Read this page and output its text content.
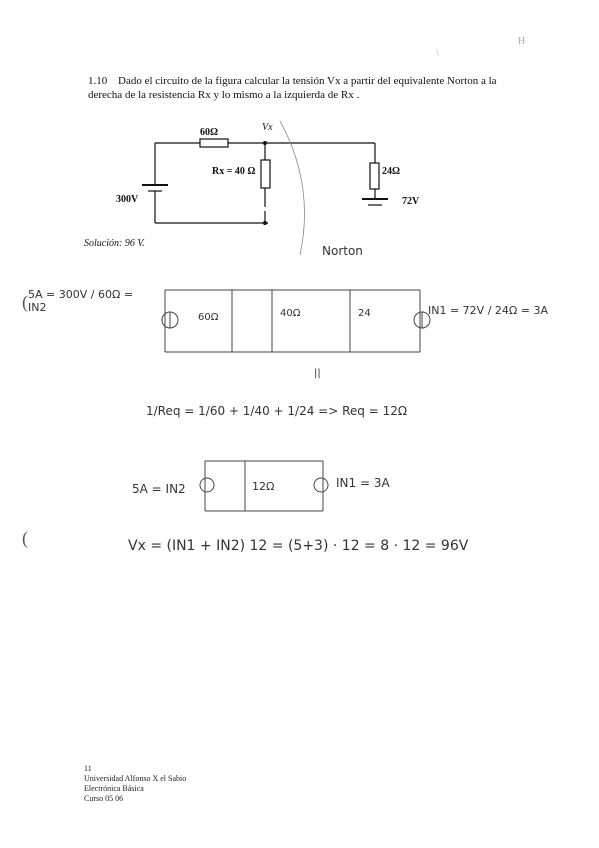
H
\
1.10 Dado el circuito de la figura calcular la tensión Vx a partir del equivalente Norton a la
derecha de la resistencia Rx y lo mismo a la izquierda de Rx .
60Ω	Vx
Rx = 40 Ω	24Ω
300V	72V
Solución: 96 V.
Norton
5A = 300V / 60Ω = IN2
60Ω	40Ω	24	IN1 = 72V / 24Ω = 3A
||
1/Req = 1/60 + 1/40 + 1/24 => Req = 12Ω
5A = IN2	12Ω	IN1 = 3A
Vx = (IN1 + IN2) 12 = (5+3) · 12 = 8 · 12 = 96V
(
(
11
Universidad Alfonso X el Sabio
Electrónica Básica
Curso 05 06
